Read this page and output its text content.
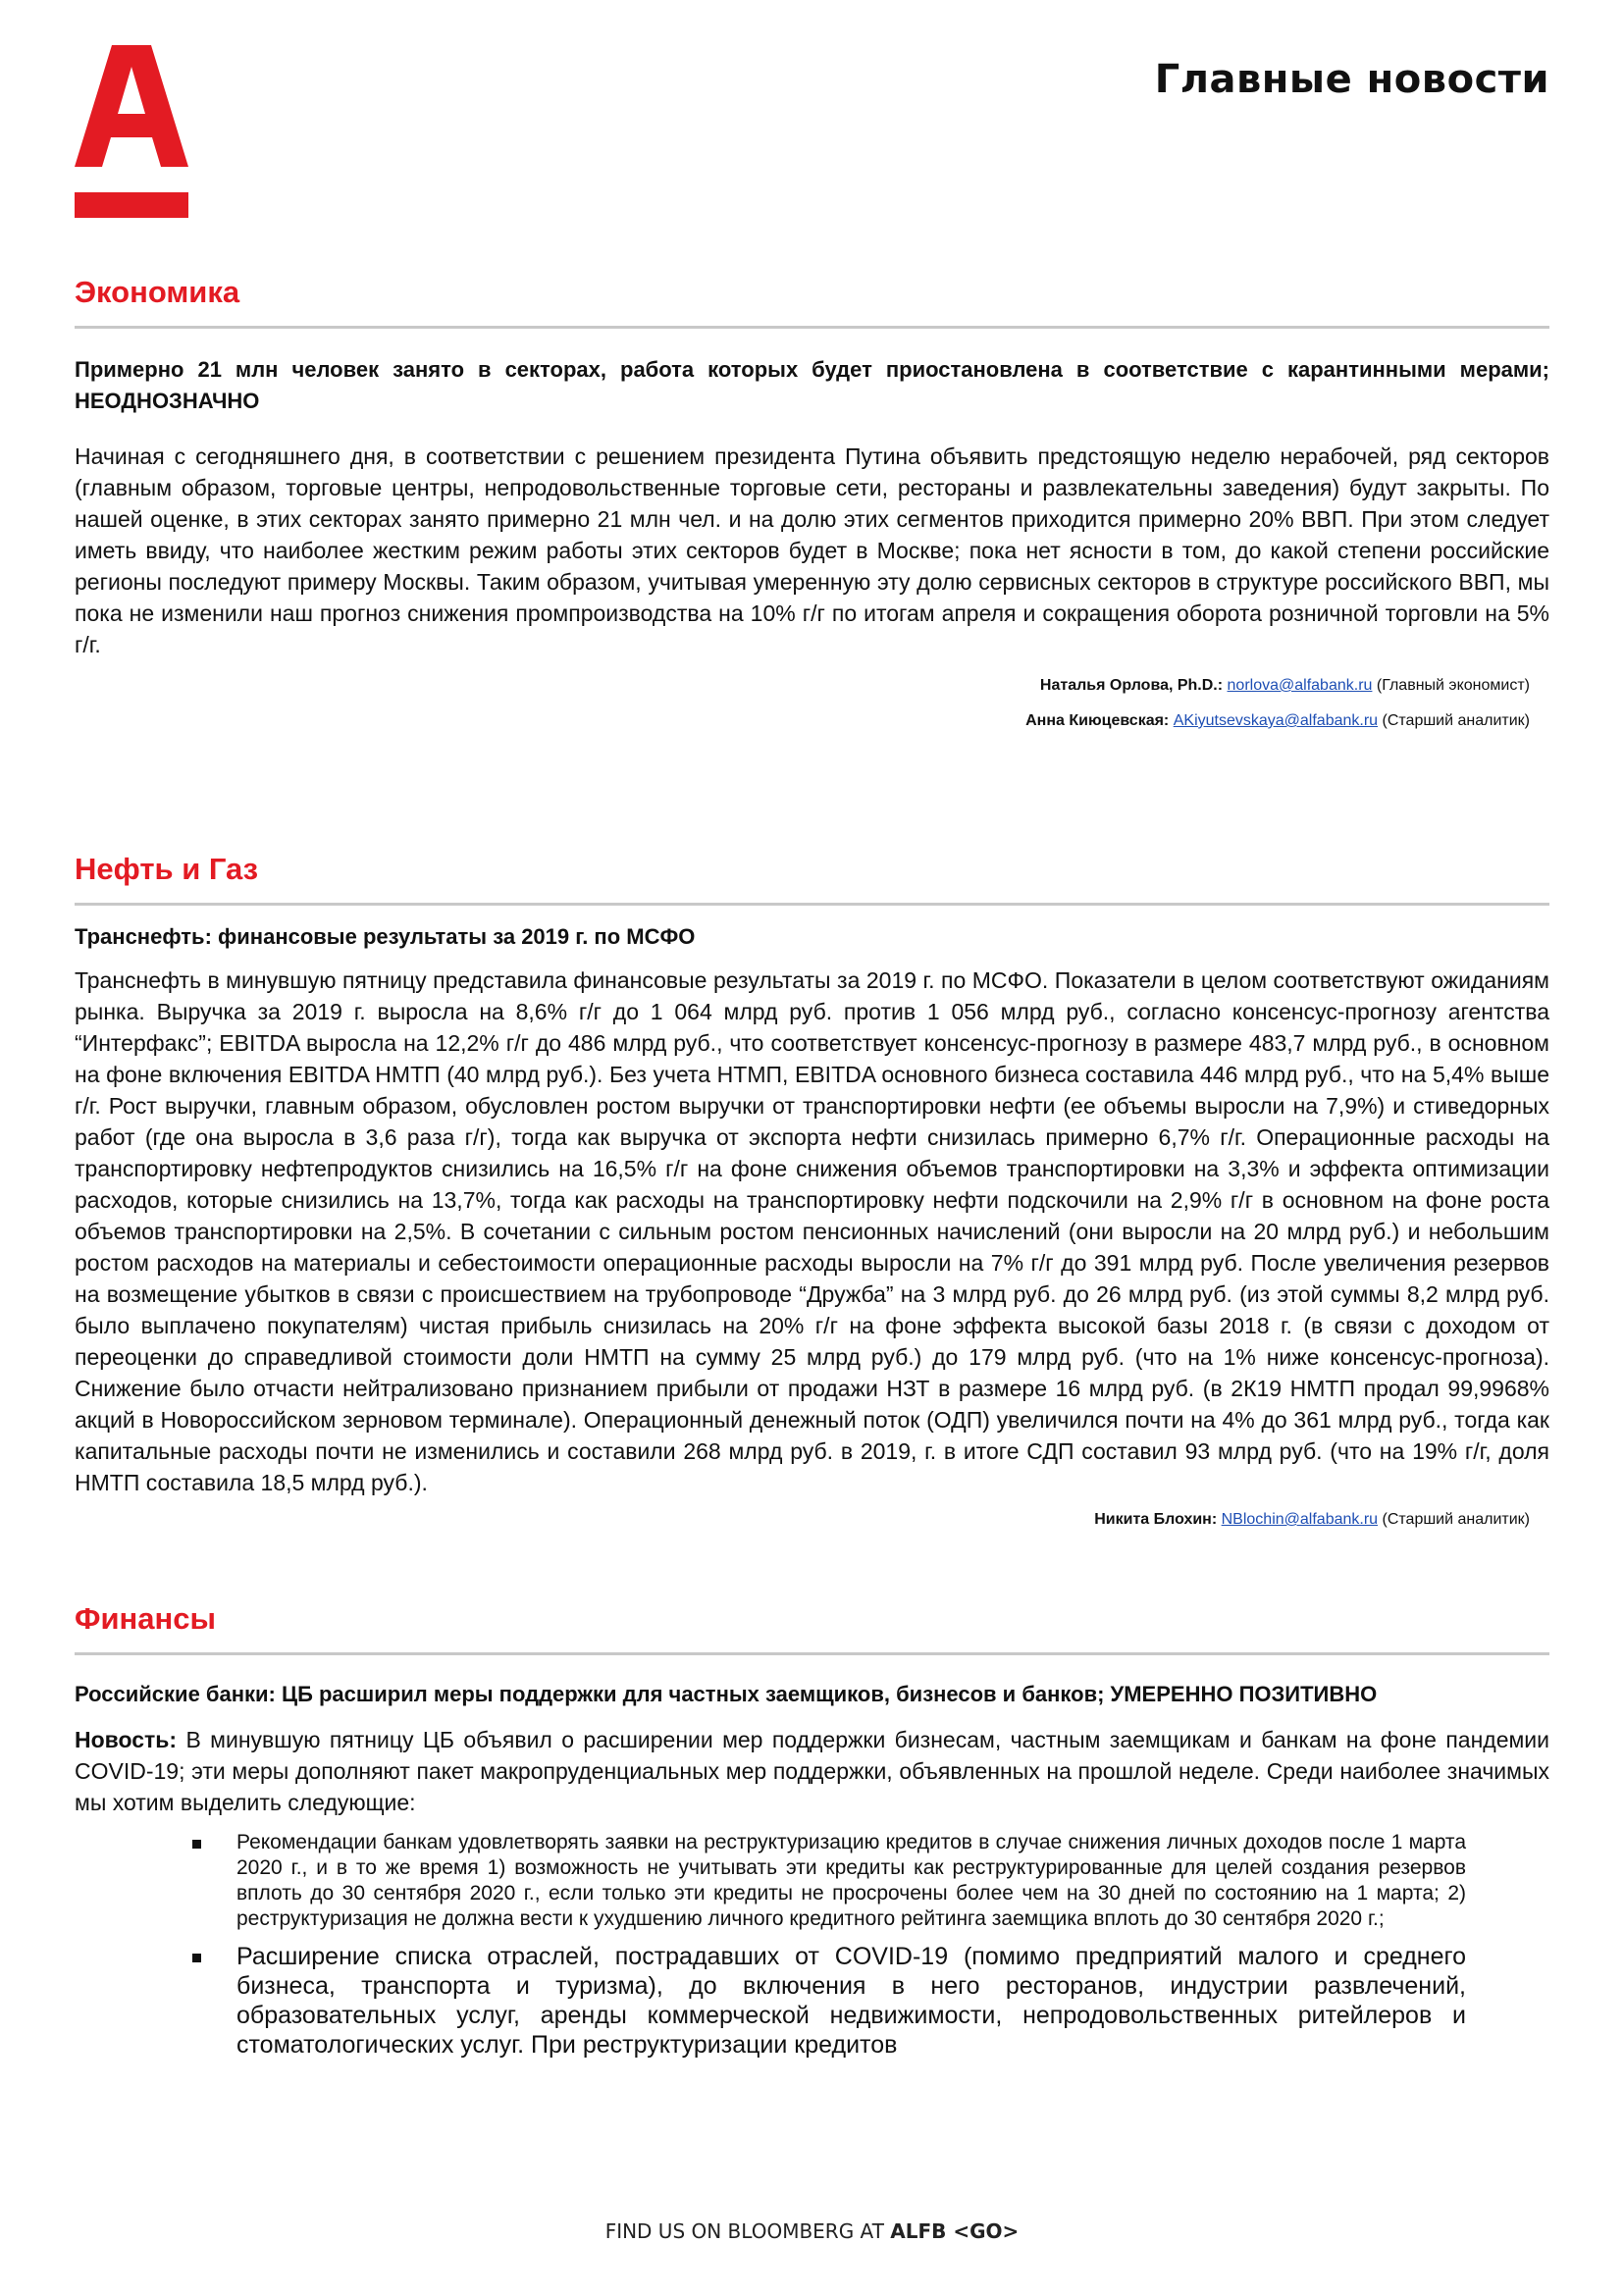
Главные новости
Экономика

Примерно 21 млн человек занято в секторах, работа которых будет приостановлена в соответствие с карантинными мерами; НЕОДНОЗНАЧНО

Начиная с сегодняшнего дня, в соответствии с решением президента Путина объявить предстоящую неделю нерабочей, ряд секторов (главным образом, торговые центры, непродовольственные торговые сети, рестораны и развлекательны заведения) будут закрыты. По нашей оценке, в этих секторах занято примерно 21 млн чел. и на долю этих сегментов приходится примерно 20% ВВП. При этом следует иметь ввиду, что наиболее жестким режим работы этих секторов будет в Москве; пока нет ясности в том, до какой степени российские регионы последуют примеру Москвы. Таким образом, учитывая умеренную эту долю сервисных секторов в структуре российского ВВП, мы пока не изменили наш прогноз снижения промпроизводства на 10% г/г по итогам апреля и сокращения оборота розничной торговли на 5% г/г.

Наталья Орлова, Ph.D.: norlova@alfabank.ru (Главный экономист)
Анна Киюцевская: AKiyutsevskaya@alfabank.ru (Старший аналитик)
Нефть и Газ

Транснефть: финансовые результаты за 2019 г. по МСФО

Транснефть в минувшую пятницу представила финансовые результаты за 2019 г. по МСФО. Показатели в целом соответствуют ожиданиям рынка. Выручка за 2019 г. выросла на 8,6% г/г до 1 064 млрд руб. против 1 056 млрд руб., согласно консенсус-прогнозу агентства “Интерфакс”; EBITDA выросла на 12,2% г/г до 486 млрд руб., что соответствует консенсус-прогнозу в размере 483,7 млрд руб., в основном на фоне включения EBITDA НМТП (40 млрд руб.). Без учета НТМП, EBITDA основного бизнеса составила 446 млрд руб., что на 5,4% выше г/г. Рост выручки, главным образом, обусловлен ростом выручки от транспортировки нефти (ее объемы выросли на 7,9%) и стиведорных работ (где она выросла в 3,6 раза г/г), тогда как выручка от экспорта нефти снизилась примерно 6,7% г/г. Операционные расходы на транспортировку нефтепродуктов снизились на 16,5% г/г на фоне снижения объемов транспортировки на 3,3% и эффекта оптимизации расходов, которые снизились на 13,7%, тогда как расходы на транспортировку нефти подскочили на 2,9% г/г в основном на фоне роста объемов транспортировки на 2,5%. В сочетании с сильным ростом пенсионных начислений (они выросли на 20 млрд руб.) и небольшим ростом расходов на материалы и себестоимости операционные расходы выросли на 7% г/г до 391 млрд руб. После увеличения резервов на возмещение убытков в связи с происшествием на трубопроводе “Дружба” на 3 млрд руб. до 26 млрд руб. (из этой суммы 8,2 млрд руб. было выплачено покупателям) чистая прибыль снизилась на 20% г/г на фоне эффекта высокой базы 2018 г. (в связи с доходом от переоценки до справедливой стоимости доли НМТП на сумму 25 млрд руб.) до 179 млрд руб. (что на 1% ниже консенсус-прогноза). Снижение было отчасти нейтрализовано признанием прибыли от продажи НЗТ в размере 16 млрд руб. (в 2К19 НМТП продал 99,9968% акций в Новороссийском зерновом терминале). Операционный денежный поток (ОДП) увеличился почти на 4% до 361 млрд руб., тогда как капитальные расходы почти не изменились и составили 268 млрд руб. в 2019, г. в итоге СДП составил 93 млрд руб. (что на 19% г/г, доля НМТП составила 18,5 млрд руб.).

Никита Блохин: NBlochin@alfabank.ru (Старший аналитик)
Финансы

Российские банки: ЦБ расширил меры поддержки для частных заемщиков, бизнесов и банков; УМЕРЕННО ПОЗИТИВНО

Новость: В минувшую пятницу ЦБ объявил о расширении мер поддержки бизнесам, частным заемщикам и банкам на фоне пандемии COVID-19; эти меры дополняют пакет макропруденциальных мер поддержки, объявленных на прошлой неделе. Среди наиболее значимых мы хотим выделить следующие:

Рекомендации банкам удовлетворять заявки на реструктуризацию кредитов в случае снижения личных доходов после 1 марта 2020 г., и в то же время 1) возможность не учитывать эти кредиты как реструктурированные для целей создания резервов вплоть до 30 сентября 2020 г., если только эти кредиты не просрочены более чем на 30 дней по состоянию на 1 марта; 2) реструктуризация не должна вести к ухудшению личного кредитного рейтинга заемщика вплоть до 30 сентября 2020 г.;
Расширение списка отраслей, пострадавших от COVID-19 (помимо предприятий малого и среднего бизнеса, транспорта и туризма), до включения в него ресторанов, индустрии развлечений, образовательных услуг, аренды коммерческой недвижимости, непродовольственных ритейлеров и стоматологических услуг. При реструктуризации кредитов
FIND US ON BLOOMBERG AT ALFB <GO>
